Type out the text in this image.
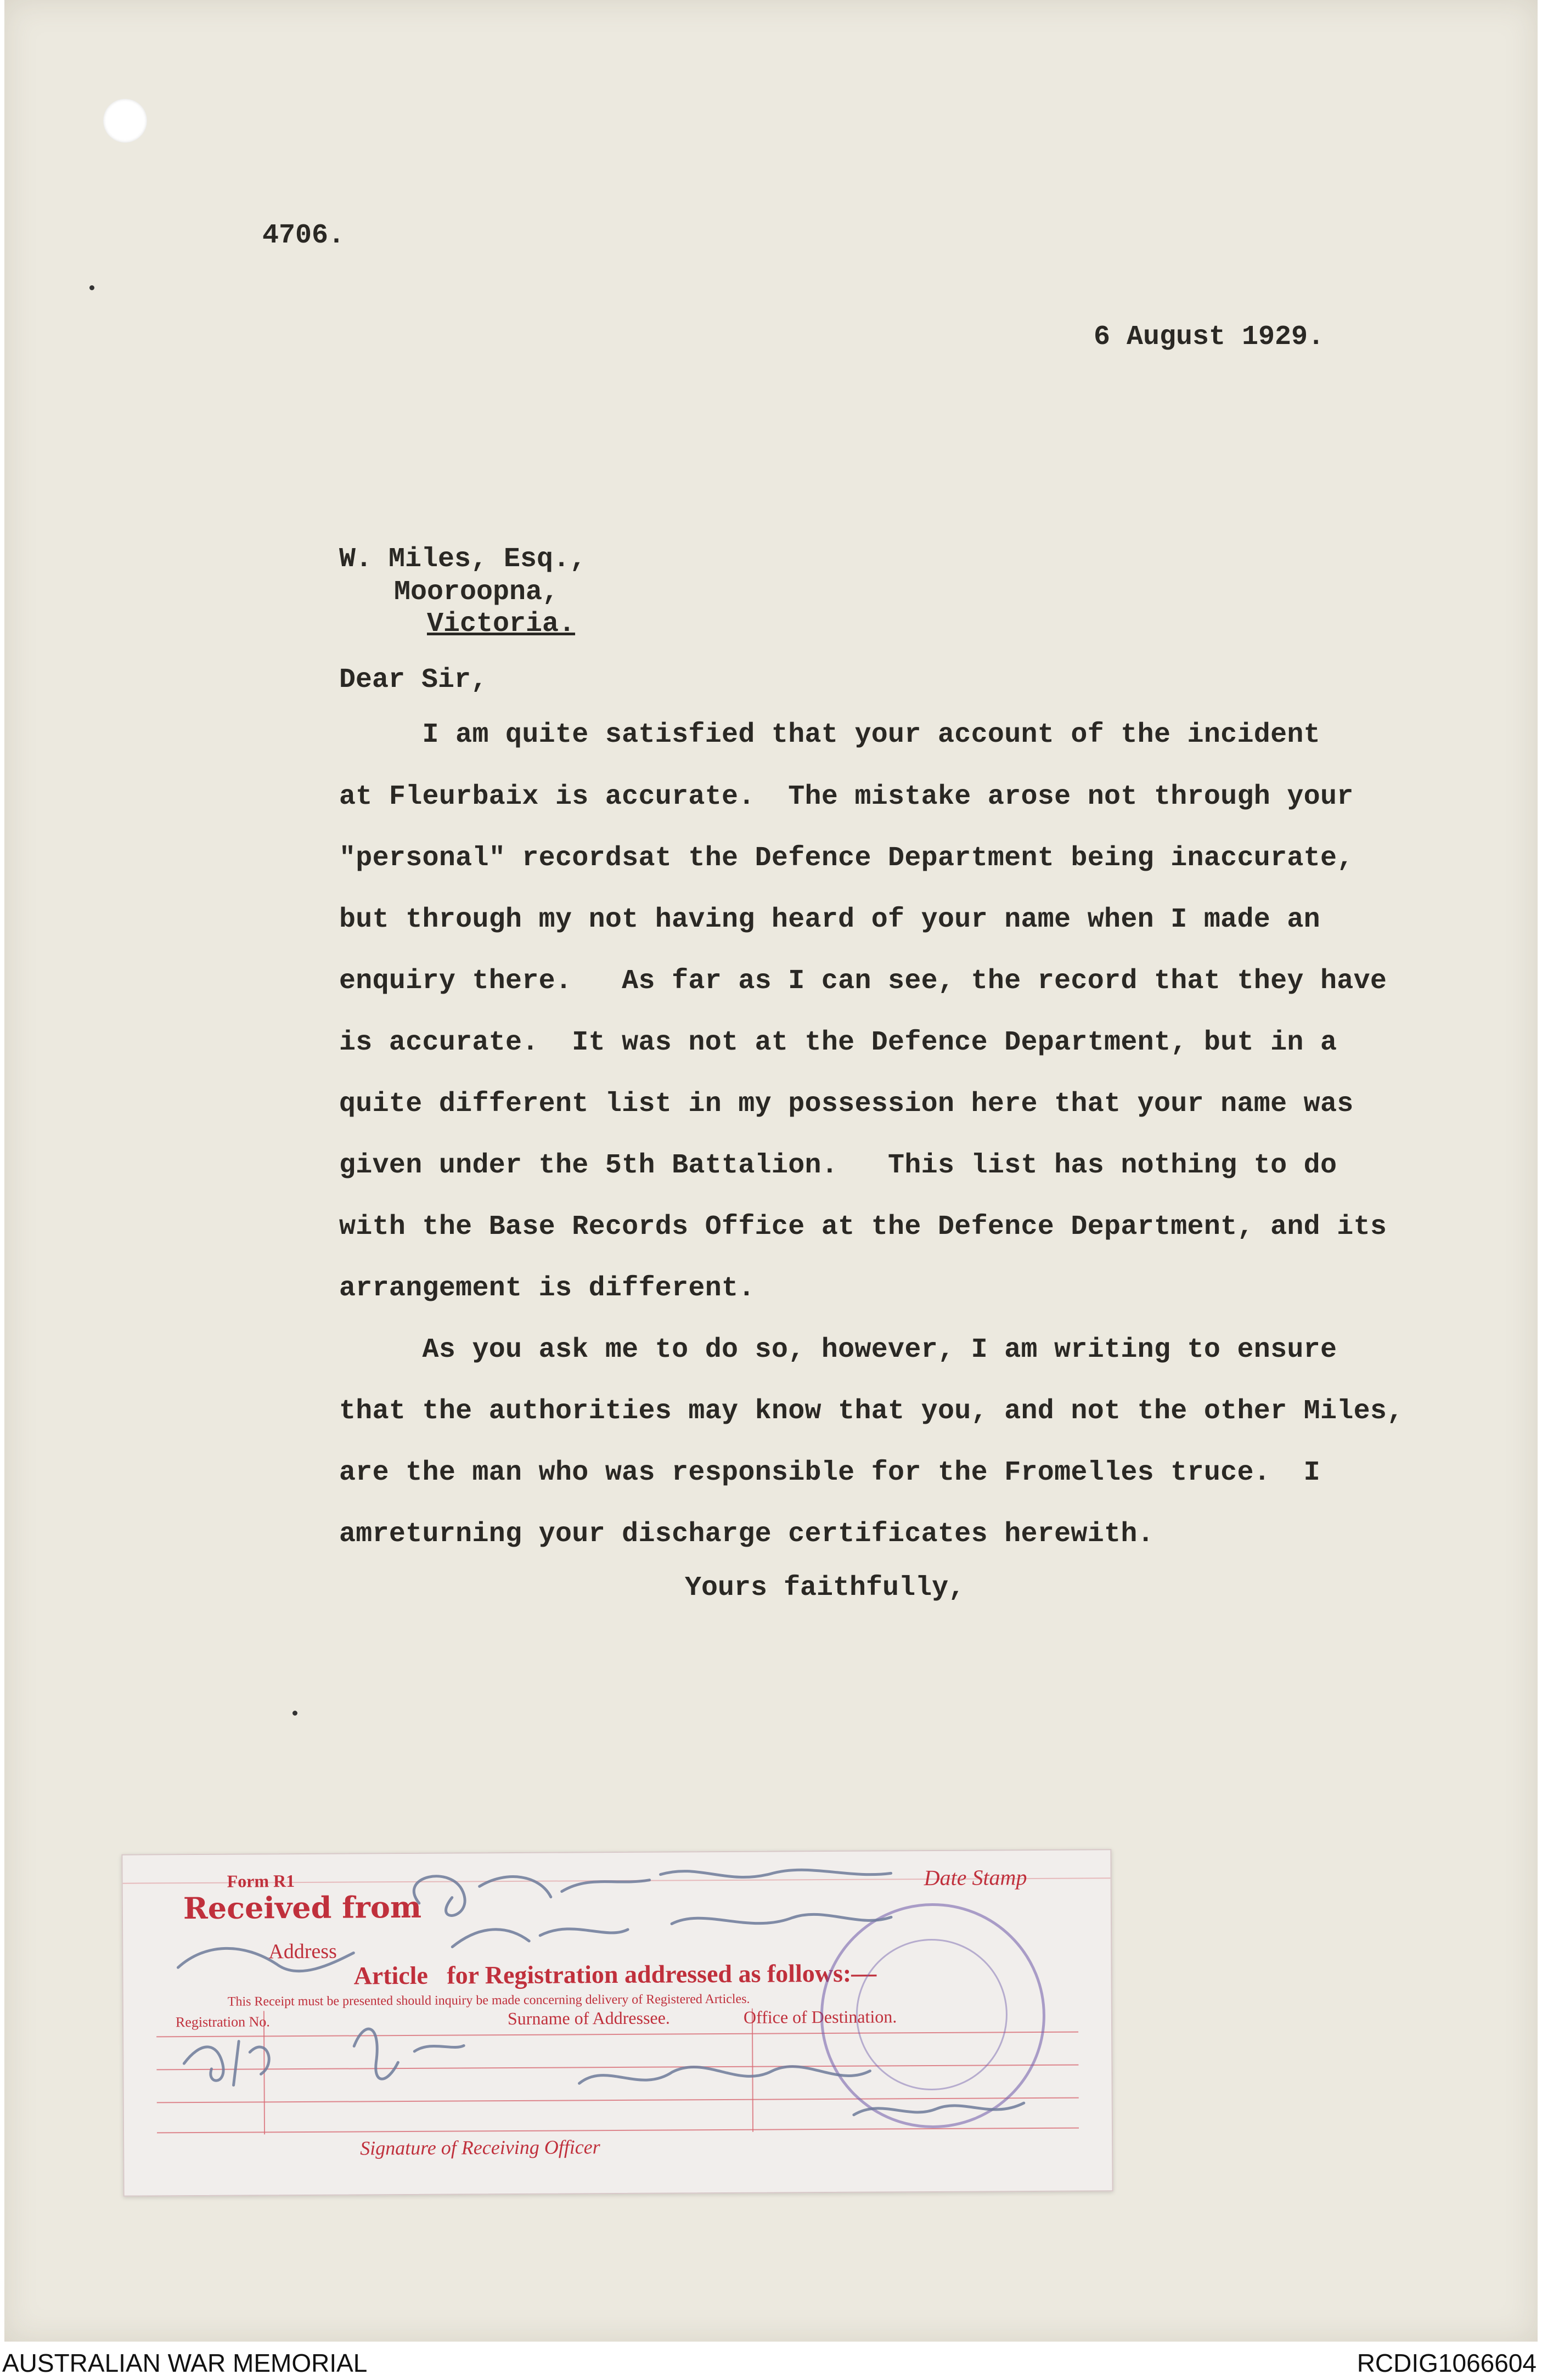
4706.
6 August 1929.
W. Miles, Esq.,
Mooroopna,
Victoria.
Dear Sir,
I am quite satisfied that your account of the incident
at Fleurbaix is accurate.  The mistake arose not through your
"personal" recordsat the Defence Department being inaccurate,
but through my not having heard of your name when I made an
enquiry there.   As far as I can see, the record that they have
is accurate.  It was not at the Defence Department, but in a
quite different list in my possession here that your name was
given under the 5th Battalion.   This list has nothing to do
with the Base Records Office at the Defence Department, and its
arrangement is different.
As you ask me to do so, however, I am writing to ensure
that the authorities may know that you, and not the other Miles,
are the man who was responsible for the Fromelles truce.  I
amreturning your discharge certificates herewith.
Yours faithfully,
Form R1
Received from
Date Stamp
Address
Article   for Registration addressed as follows:—
This Receipt must be presented should inquiry be made concerning delivery of Registered Articles.
Registration No.	Surname of Addressee.	Office of Destination.
Signature of Receiving Officer
AUSTRALIAN WAR MEMORIAL	RCDIG1066604
